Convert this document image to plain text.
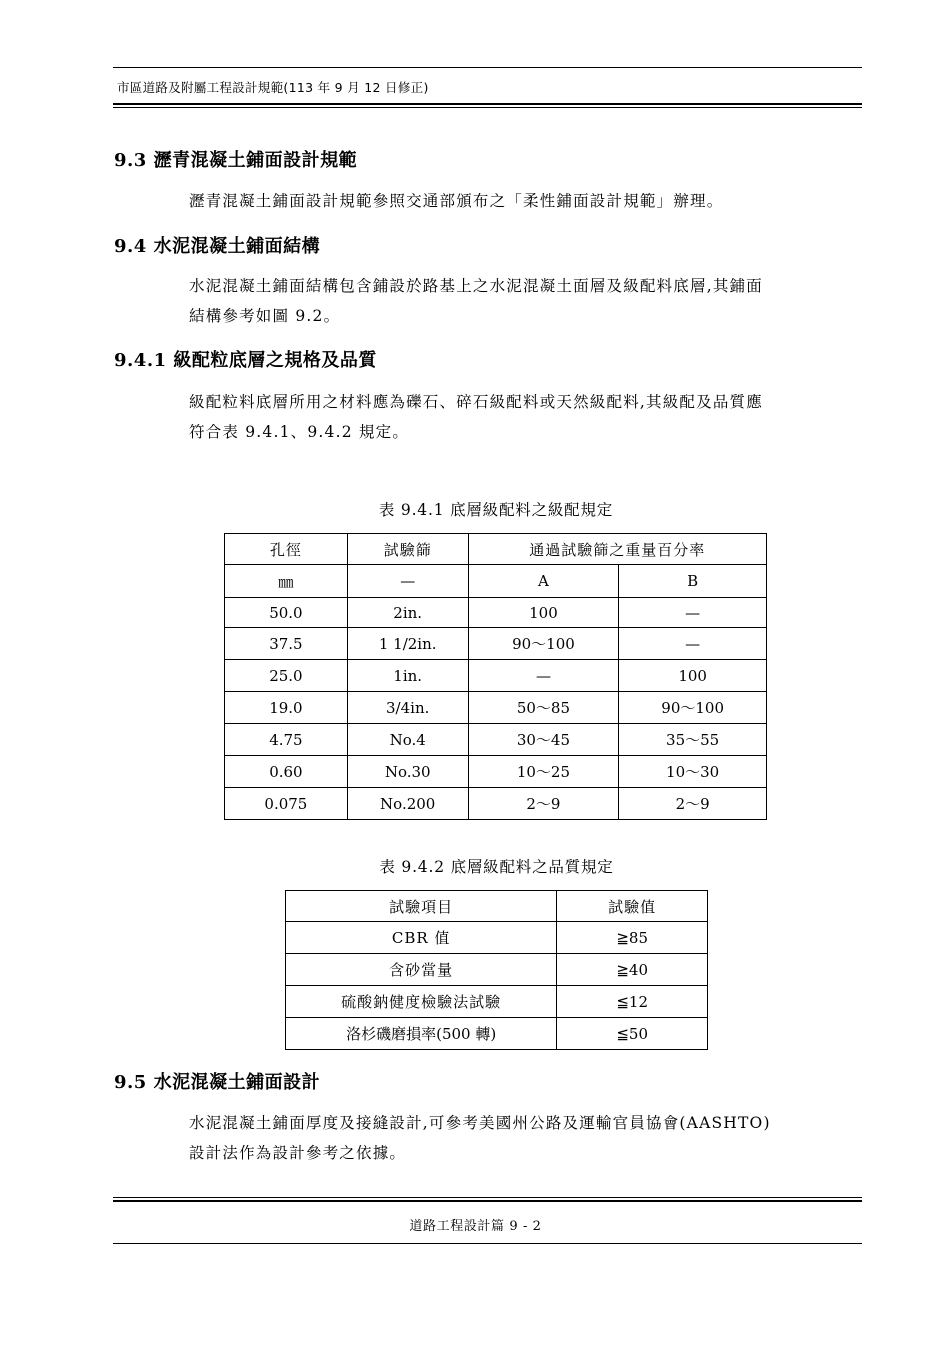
市區道路及附屬工程設計規範(113 年 9 月 12 日修正)
9.3 瀝青混凝土鋪面設計規範
瀝青混凝土鋪面設計規範參照交通部頒布之「柔性鋪面設計規範」辦理。
9.4 水泥混凝土鋪面結構
水泥混凝土鋪面結構包含鋪設於路基上之水泥混凝土面層及級配料底層,其鋪面
結構參考如圖 9.2。
9.4.1 級配粒底層之規格及品質
級配粒料底層所用之材料應為礫石、碎石級配料或天然級配料,其級配及品質應
符合表 9.4.1、9.4.2 規定。
表 9.4.1 底層級配料之級配規定
孔徑	試驗篩	通過試驗篩之重量百分率	
㎜	—	A	B
50.0	2in.	100	—
37.5	1 1/2in.	90～100	—
25.0	1in.	—	100
19.0	3/4in.	50～85	90～100
4.75	No.4	30～45	35～55
0.60	No.30	10～25	10～30
0.075	No.200	2～9	2～9
表 9.4.2 底層級配料之品質規定
試驗項目	試驗值
CBR 值	≧85
含砂當量	≧40
硫酸鈉健度檢驗法試驗	≦12
洛杉磯磨損率(500 轉)	≦50
9.5 水泥混凝土鋪面設計
水泥混凝土鋪面厚度及接縫設計,可參考美國州公路及運輸官員協會(AASHTO)
設計法作為設計參考之依據。
道路工程設計篇 9 - 2
